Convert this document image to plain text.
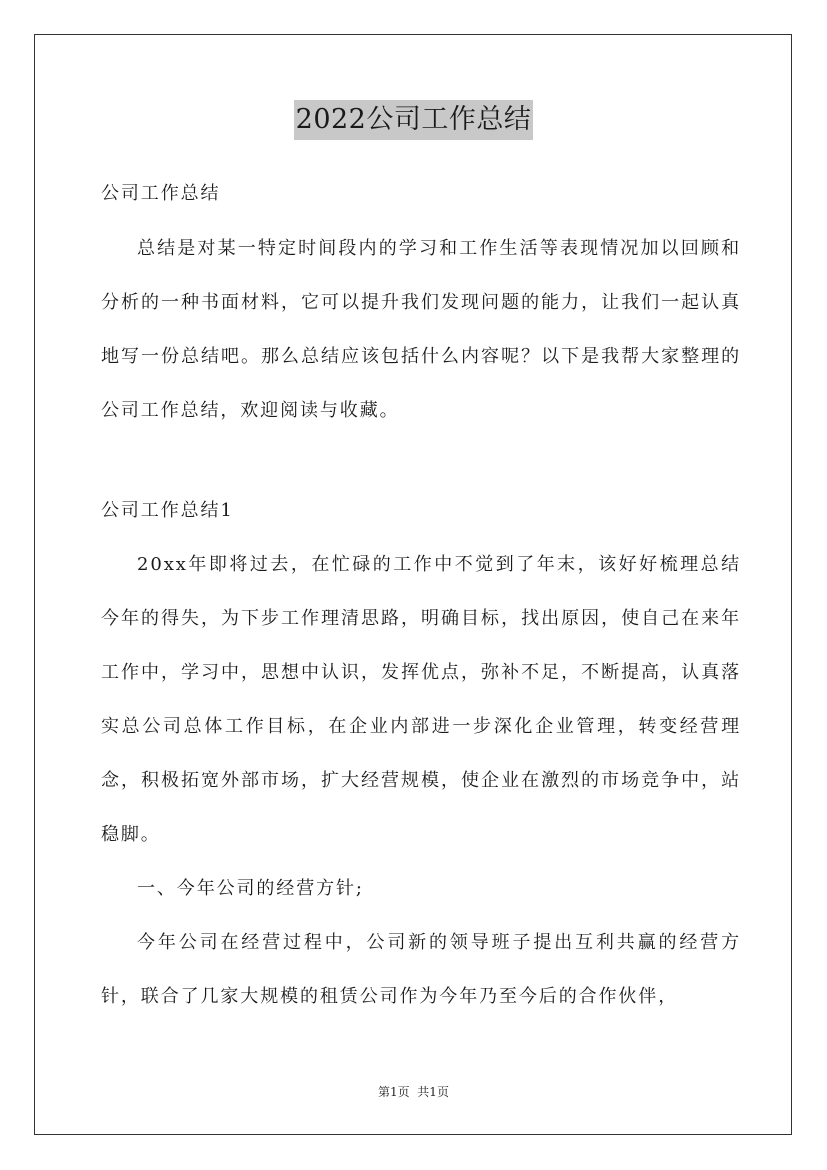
2022公司工作总结

公司工作总结

总结是对某一特定时间段内的学习和工作生活等表现情况加以回顾和分析的一种书面材料，它可以提升我们发现问题的能力，让我们一起认真地写一份总结吧。那么总结应该包括什么内容呢？以下是我帮大家整理的公司工作总结，欢迎阅读与收藏。

公司工作总结1

20xx年即将过去，在忙碌的工作中不觉到了年末，该好好梳理总结今年的得失，为下步工作理清思路，明确目标，找出原因，使自己在来年工作中，学习中，思想中认识，发挥优点，弥补不足，不断提高，认真落实总公司总体工作目标，在企业内部进一步深化企业管理，转变经营理念，积极拓宽外部市场，扩大经营规模，使企业在激烈的市场竞争中，站稳脚。

一、今年公司的经营方针;

今年公司在经营过程中，公司新的领导班子提出互利共赢的经营方针，联合了几家大规模的租赁公司作为今年乃至今后的合作伙伴，

第1页  共1页
